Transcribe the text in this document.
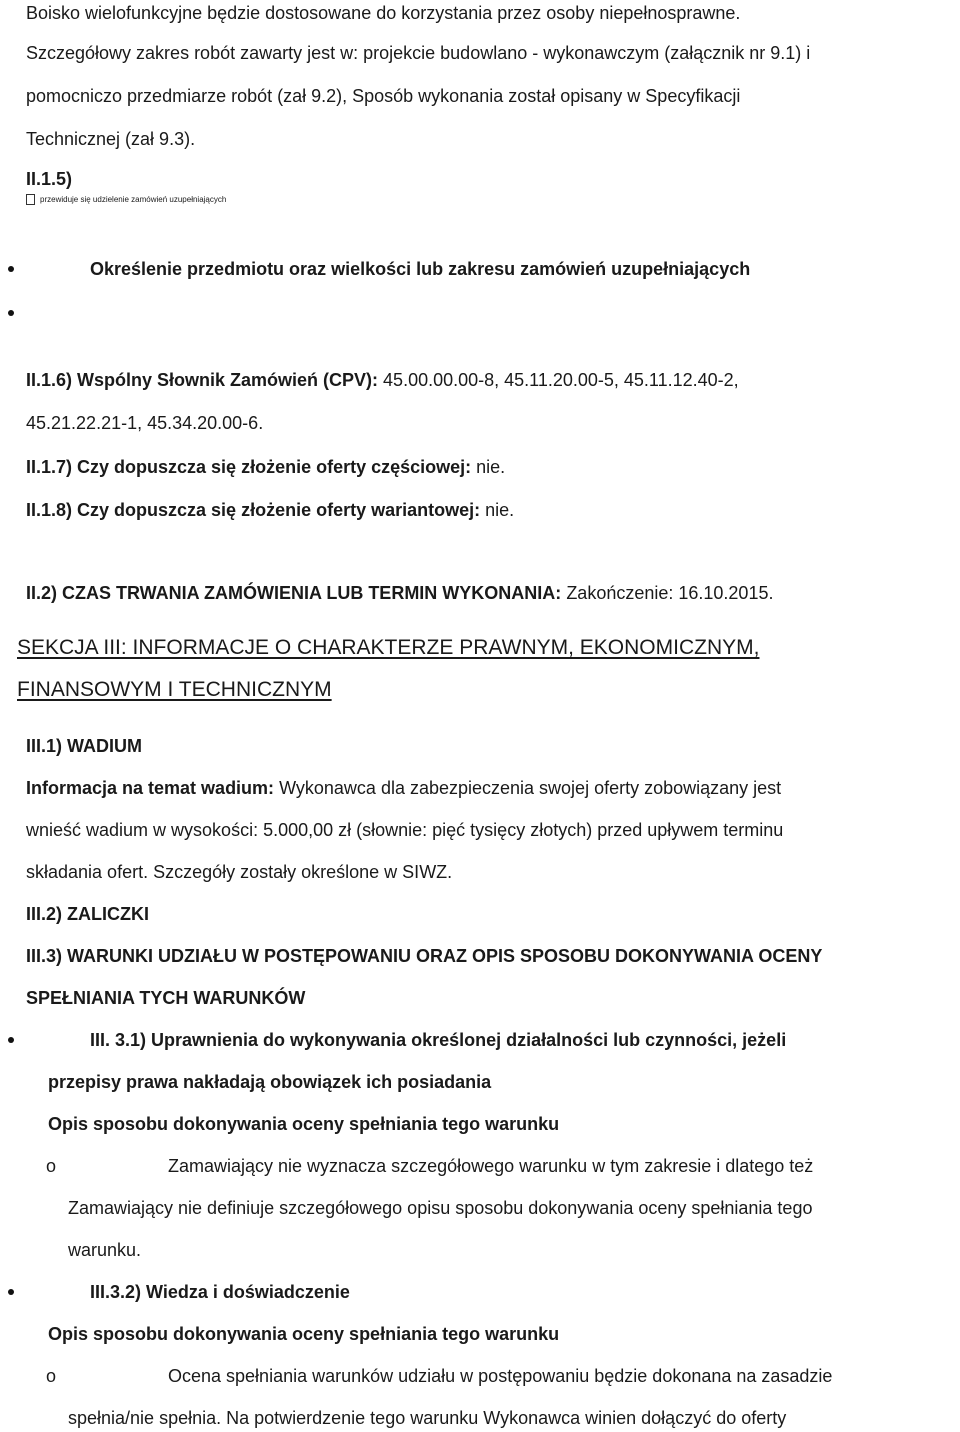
Boisko wielofunkcyjne będzie dostosowane do korzystania przez osoby niepełnosprawne.
Szczegółowy zakres robót zawarty jest w: projekcie budowlano - wykonawczym (załącznik nr 9.1) i
pomocniczo przedmiarze robót (zał 9.2), Sposób wykonania został opisany w Specyfikacji
Technicznej (zał 9.3).
II.1.5)
przewiduje się udzielenie zamówień uzupełniających
Określenie przedmiotu oraz wielkości lub zakresu zamówień uzupełniających
II.1.6) Wspólny Słownik Zamówień (CPV): 45.00.00.00-8, 45.11.20.00-5, 45.11.12.40-2,
45.21.22.21-1, 45.34.20.00-6.
II.1.7) Czy dopuszcza się złożenie oferty częściowej: nie.
II.1.8) Czy dopuszcza się złożenie oferty wariantowej: nie.
II.2) CZAS TRWANIA ZAMÓWIENIA LUB TERMIN WYKONANIA: Zakończenie: 16.10.2015.
SEKCJA III: INFORMACJE O CHARAKTERZE PRAWNYM, EKONOMICZNYM,
FINANSOWYM I TECHNICZNYM
III.1) WADIUM
Informacja na temat wadium: Wykonawca dla zabezpieczenia swojej oferty zobowiązany jest
wnieść wadium w wysokości: 5.000,00 zł (słownie: pięć tysięcy złotych) przed upływem terminu
składania ofert. Szczegóły zostały określone w SIWZ.
III.2) ZALICZKI
III.3) WARUNKI UDZIAŁU W POSTĘPOWANIU ORAZ OPIS SPOSOBU DOKONYWANIA OCENY
SPEŁNIANIA TYCH WARUNKÓW
III. 3.1) Uprawnienia do wykonywania określonej działalności lub czynności, jeżeli
przepisy prawa nakładają obowiązek ich posiadania
Opis sposobu dokonywania oceny spełniania tego warunku
o	Zamawiający nie wyznacza szczegółowego warunku w tym zakresie i dlatego też
Zamawiający nie definiuje szczegółowego opisu sposobu dokonywania oceny spełniania tego
warunku.
III.3.2) Wiedza i doświadczenie
Opis sposobu dokonywania oceny spełniania tego warunku
o	Ocena spełniania warunków udziału w postępowaniu będzie dokonana na zasadzie
spełnia/nie spełnia. Na potwierdzenie tego warunku Wykonawca winien dołączyć do oferty
